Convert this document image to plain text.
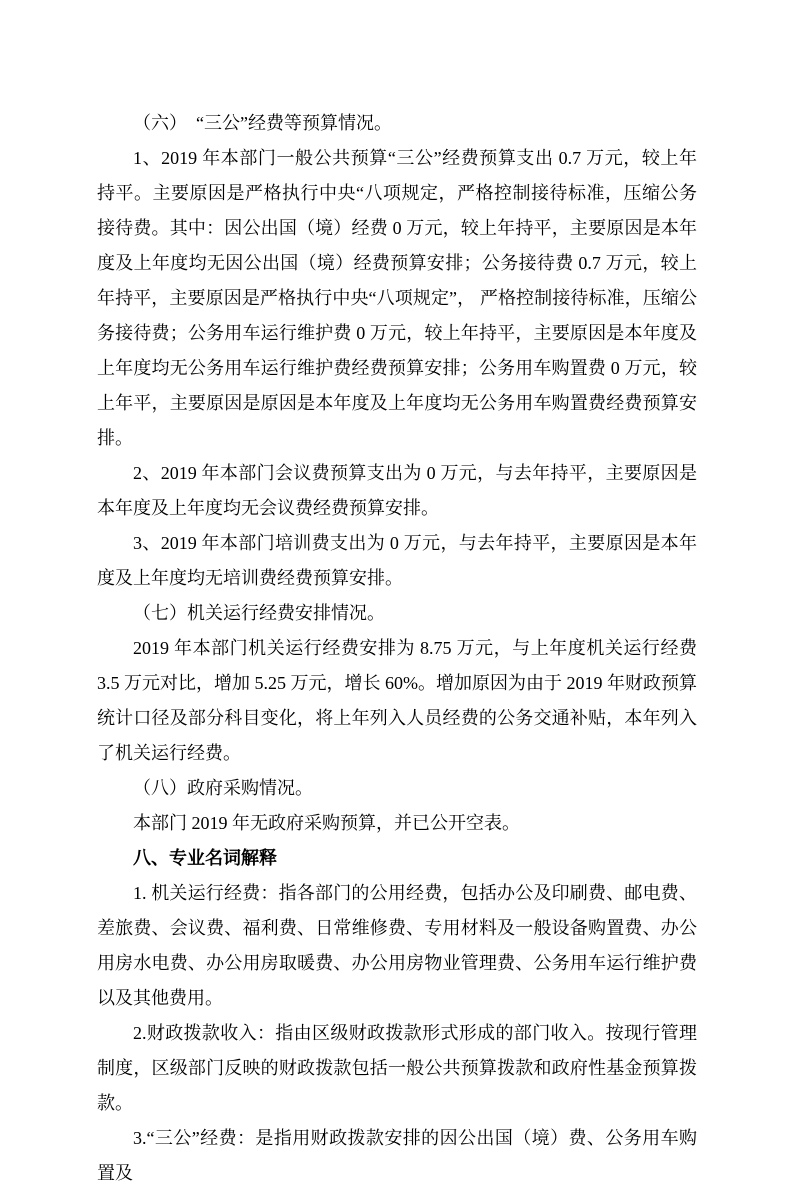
（六）　“三公”经费等预算情况。

1、2019 年本部门一般公共预算“三公”经费预算支出 0.7 万元，较上年持平。主要原因是严格执行中央“八项规定，严格控制接待标准，压缩公务接待费。其中：因公出国（境）经费 0 万元，较上年持平，主要原因是本年度及上年度均无因公出国（境）经费预算安排；公务接待费 0.7 万元，较上年持平，主要原因是严格执行中央“八项规定”， 严格控制接待标准，压缩公务接待费；公务用车运行维护费 0 万元，较上年持平，主要原因是本年度及上年度均无公务用车运行维护费经费预算安排；公务用车购置费 0 万元，较上年平，主要原因是原因是本年度及上年度均无公务用车购置费经费预算安排。

2、2019 年本部门会议费预算支出为 0 万元，与去年持平，主要原因是本年度及上年度均无会议费经费预算安排。

3、2019 年本部门培训费支出为 0 万元，与去年持平，主要原因是本年度及上年度均无培训费经费预算安排。

（七）机关运行经费安排情况。

2019 年本部门机关运行经费安排为 8.75 万元，与上年度机关运行经费 3.5 万元对比，增加 5.25 万元，增长 60%。增加原因为由于 2019 年财政预算统计口径及部分科目变化，将上年列入人员经费的公务交通补贴，本年列入了机关运行经费。

（八）政府采购情况。

本部门 2019 年无政府采购预算，并已公开空表。

八、专业名词解释

1. 机关运行经费：指各部门的公用经费，包括办公及印刷费、邮电费、差旅费、会议费、福利费、日常维修费、专用材料及一般设备购置费、办公用房水电费、办公用房取暖费、办公用房物业管理费、公务用车运行维护费以及其他费用。

2.财政拨款收入：指由区级财政拨款形式形成的部门收入。按现行管理制度，区级部门反映的财政拨款包括一般公共预算拨款和政府性基金预算拨款。

3.“三公”经费：是指用财政拨款安排的因公出国（境）费、公务用车购置及
